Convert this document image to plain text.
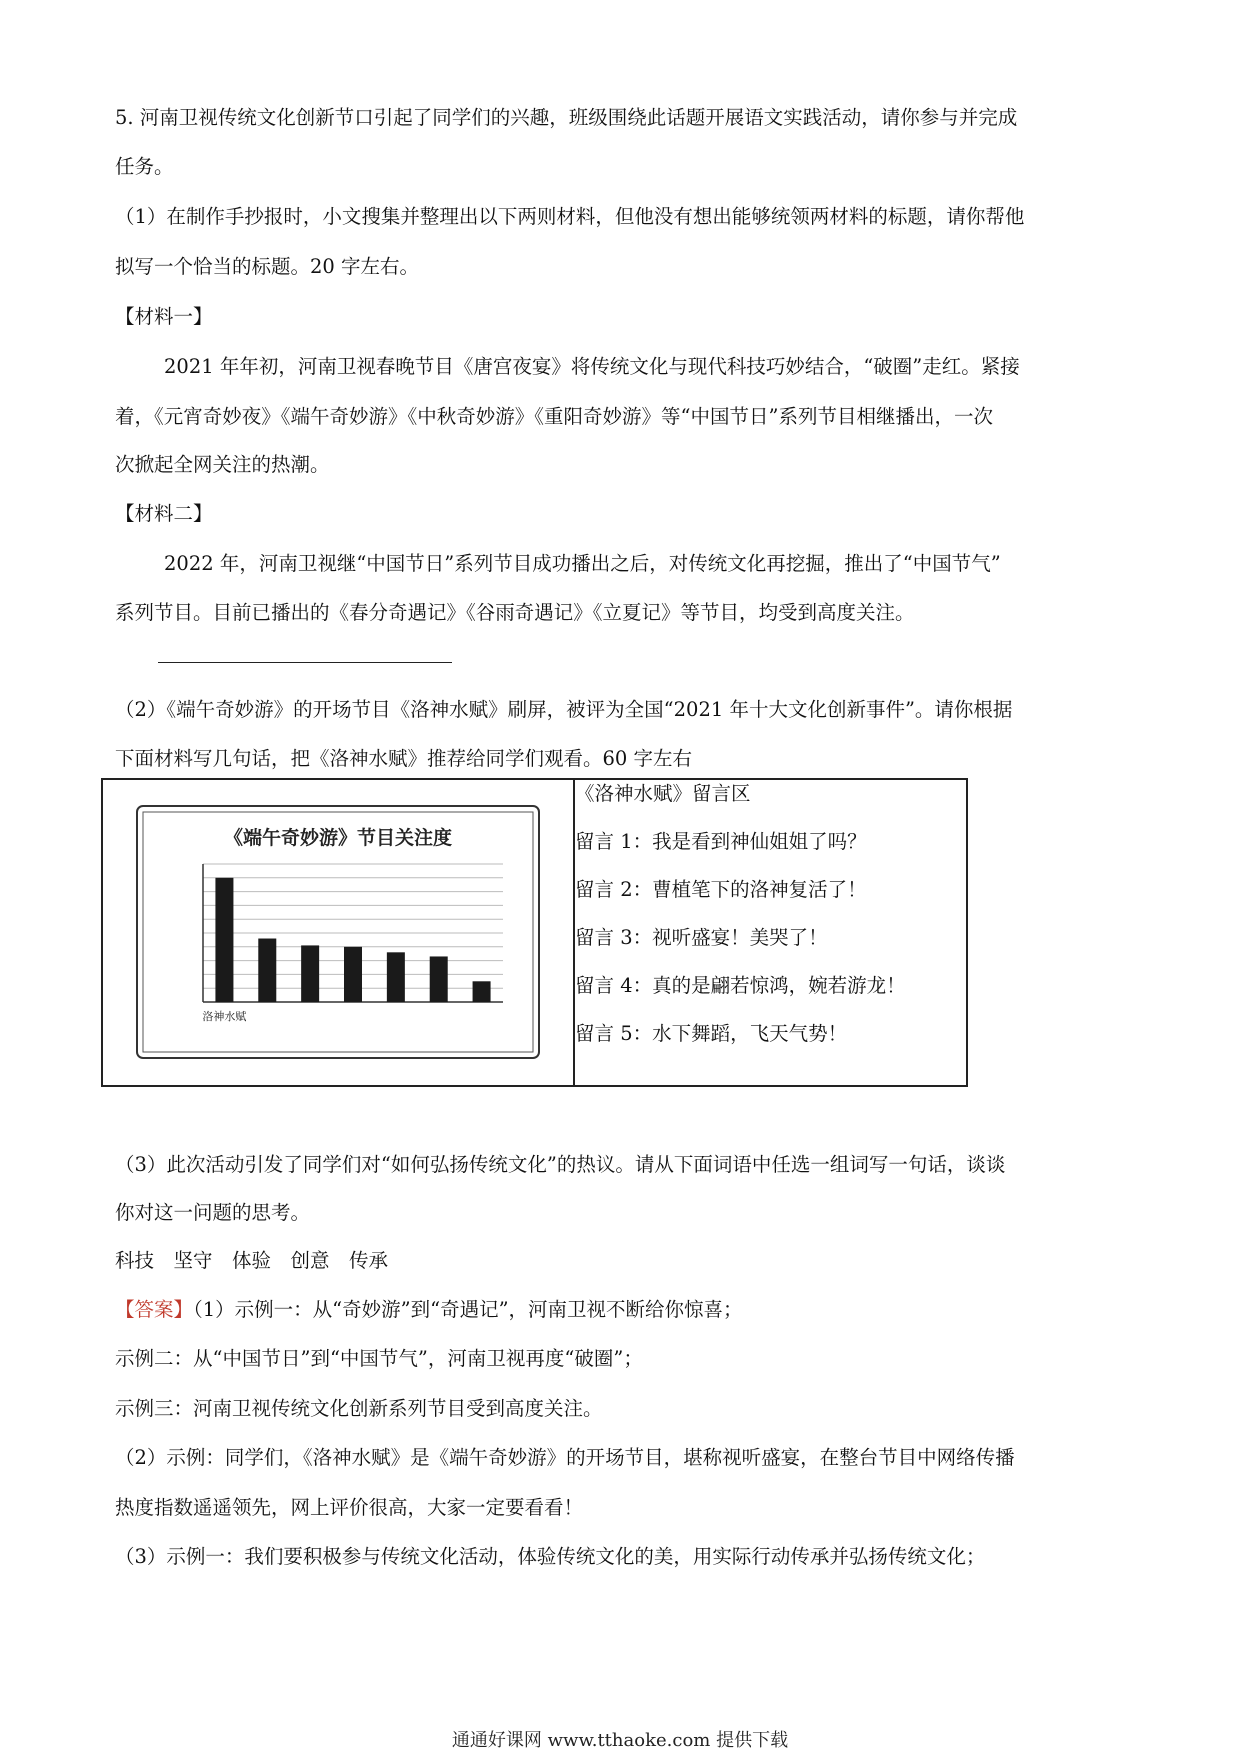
5. 河南卫视传统文化创新节口引起了同学们的兴趣，班级围绕此话题开展语文实践活动，请你参与并完成
任务。
（1）在制作手抄报时，小文搜集并整理出以下两则材料，但他没有想出能够统领两材料的标题，请你帮他
拟写一个恰当的标题。20 字左右。
【材料一】
2021 年年初，河南卫视春晚节目《唐宫夜宴》将传统文化与现代科技巧妙结合，“破圈”走红。紧接
着，《元宵奇妙夜》《端午奇妙游》《中秋奇妙游》《重阳奇妙游》等“中国节日”系列节目相继播出，一次
次掀起全网关注的热潮。
【材料二】
2022 年，河南卫视继“中国节日”系列节目成功播出之后，对传统文化再挖掘，推出了“中国节气”
系列节目。目前已播出的《春分奇遇记》《谷雨奇遇记》《立夏记》等节目，均受到高度关注。
（2）《端午奇妙游》的开场节目《洛神水赋》刷屏，被评为全国“2021 年十大文化创新事件”。请你根据
下面材料写几句话，把《洛神水赋》推荐给同学们观看。60 字左右
《端午奇妙游》节目关注度
洛神水赋

《洛神水赋》留言区
留言 1：我是看到神仙姐姐了吗？
留言 2：曹植笔下的洛神复活了！
留言 3：视听盛宴！美哭了！
留言 4：真的是翩若惊鸿，婉若游龙！
留言 5：水下舞蹈，飞天气势！
（3）此次活动引发了同学们对“如何弘扬传统文化”的热议。请从下面词语中任选一组词写一句话，谈谈
你对这一问题的思考。
科技　坚守　体验　创意　传承
【答案】（1）示例一：从“奇妙游”到“奇遇记”，河南卫视不断给你惊喜；
示例二：从“中国节日”到“中国节气”，河南卫视再度“破圈”；
示例三：河南卫视传统文化创新系列节目受到高度关注。
（2）示例：同学们，《洛神水赋》是《端午奇妙游》的开场节目，堪称视听盛宴，在整台节目中网络传播
热度指数遥遥领先，网上评价很高，大家一定要看看！
（3）示例一：我们要积极参与传统文化活动，体验传统文化的美，用实际行动传承并弘扬传统文化；
通通好课网 www.tthaoke.com 提供下载
